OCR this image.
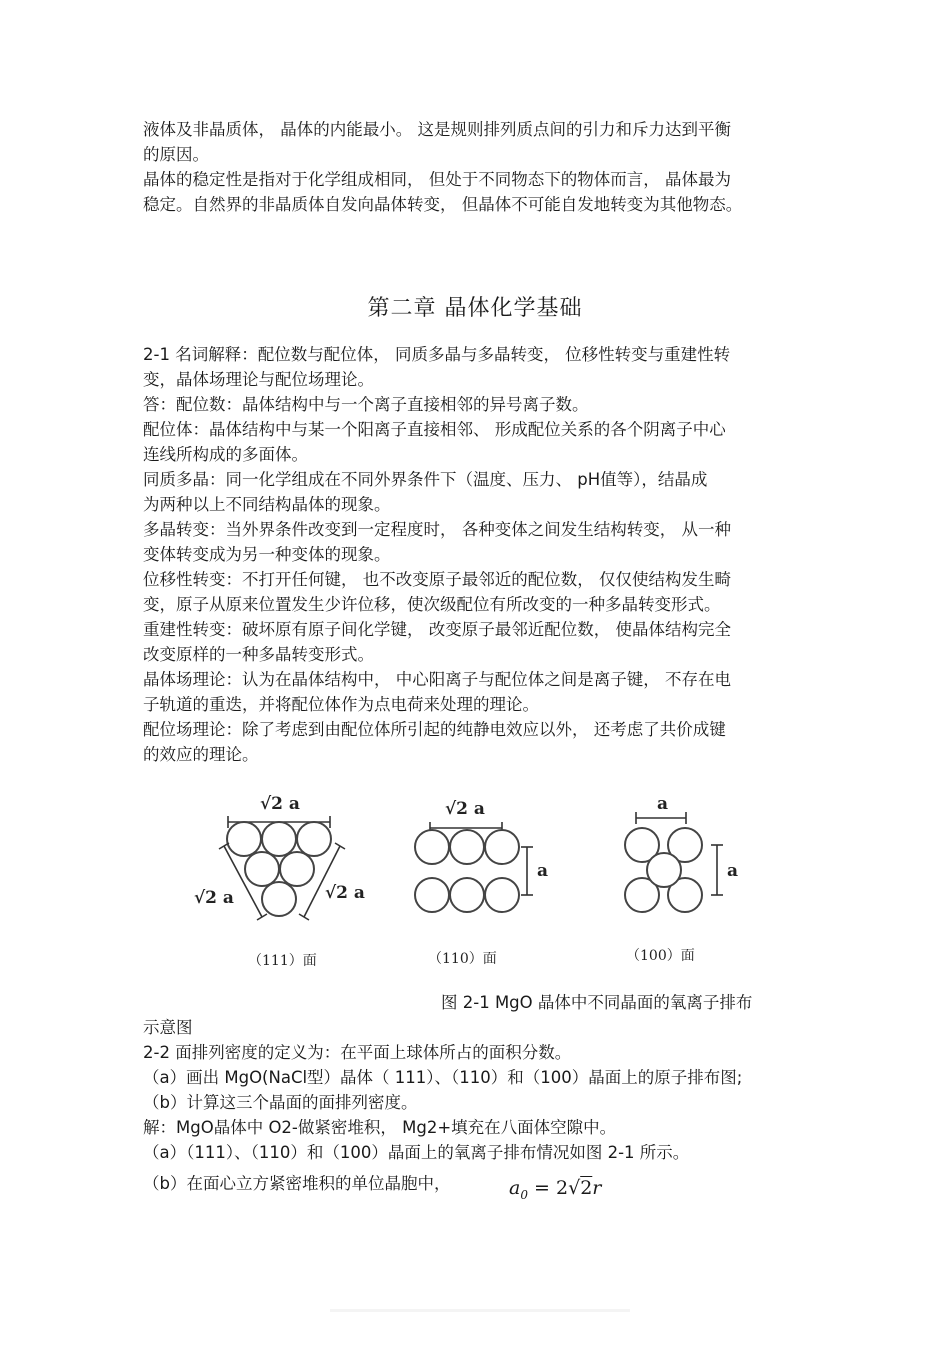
液体及非晶质体， 晶体的内能最小。 这是规则排列质点间的引力和斥力达到平衡
的原因。
晶体的稳定性是指对于化学组成相同， 但处于不同物态下的物体而言， 晶体最为
稳定。自然界的非晶质体自发向晶体转变， 但晶体不可能自发地转变为其他物态。
第二章 晶体化学基础
2-1 名词解释：配位数与配位体， 同质多晶与多晶转变， 位移性转变与重建性转
变，晶体场理论与配位场理论。
答：配位数：晶体结构中与一个离子直接相邻的异号离子数。
配位体：晶体结构中与某一个阳离子直接相邻、 形成配位关系的各个阴离子中心
连线所构成的多面体。
同质多晶：同一化学组成在不同外界条件下（温度、压力、 pH值等），结晶成
为两种以上不同结构晶体的现象。
多晶转变：当外界条件改变到一定程度时， 各种变体之间发生结构转变， 从一种
变体转变成为另一种变体的现象。
位移性转变：不打开任何键， 也不改变原子最邻近的配位数， 仅仅使结构发生畸
变，原子从原来位置发生少许位移，使次级配位有所改变的一种多晶转变形式。
重建性转变：破坏原有原子间化学键， 改变原子最邻近配位数， 使晶体结构完全
改变原样的一种多晶转变形式。
晶体场理论：认为在晶体结构中， 中心阳离子与配位体之间是离子键， 不存在电
子轨道的重迭，并将配位体作为点电荷来处理的理论。
配位场理论：除了考虑到由配位体所引起的纯静电效应以外， 还考虑了共价成键
的效应的理论。
√2 a
√2 a	√2 a
（111）面
√2 a
a
（110）面
a
a
（100）面
图 2-1 MgO 晶体中不同晶面的氧离子排布
示意图
2-2 面排列密度的定义为：在平面上球体所占的面积分数。
（a）画出 MgO(NaCl型）晶体（ 111）、（110）和（100）晶面上的原子排布图;
（b）计算这三个晶面的面排列密度。
解：MgO晶体中 O2-做紧密堆积， Mg2+填充在八面体空隙中。
（a）（111）、（110）和（100）晶面上的氧离子排布情况如图 2-1 所示。
（b）在面心立方紧密堆积的单位晶胞中，	$a_0 = 2√2r$
